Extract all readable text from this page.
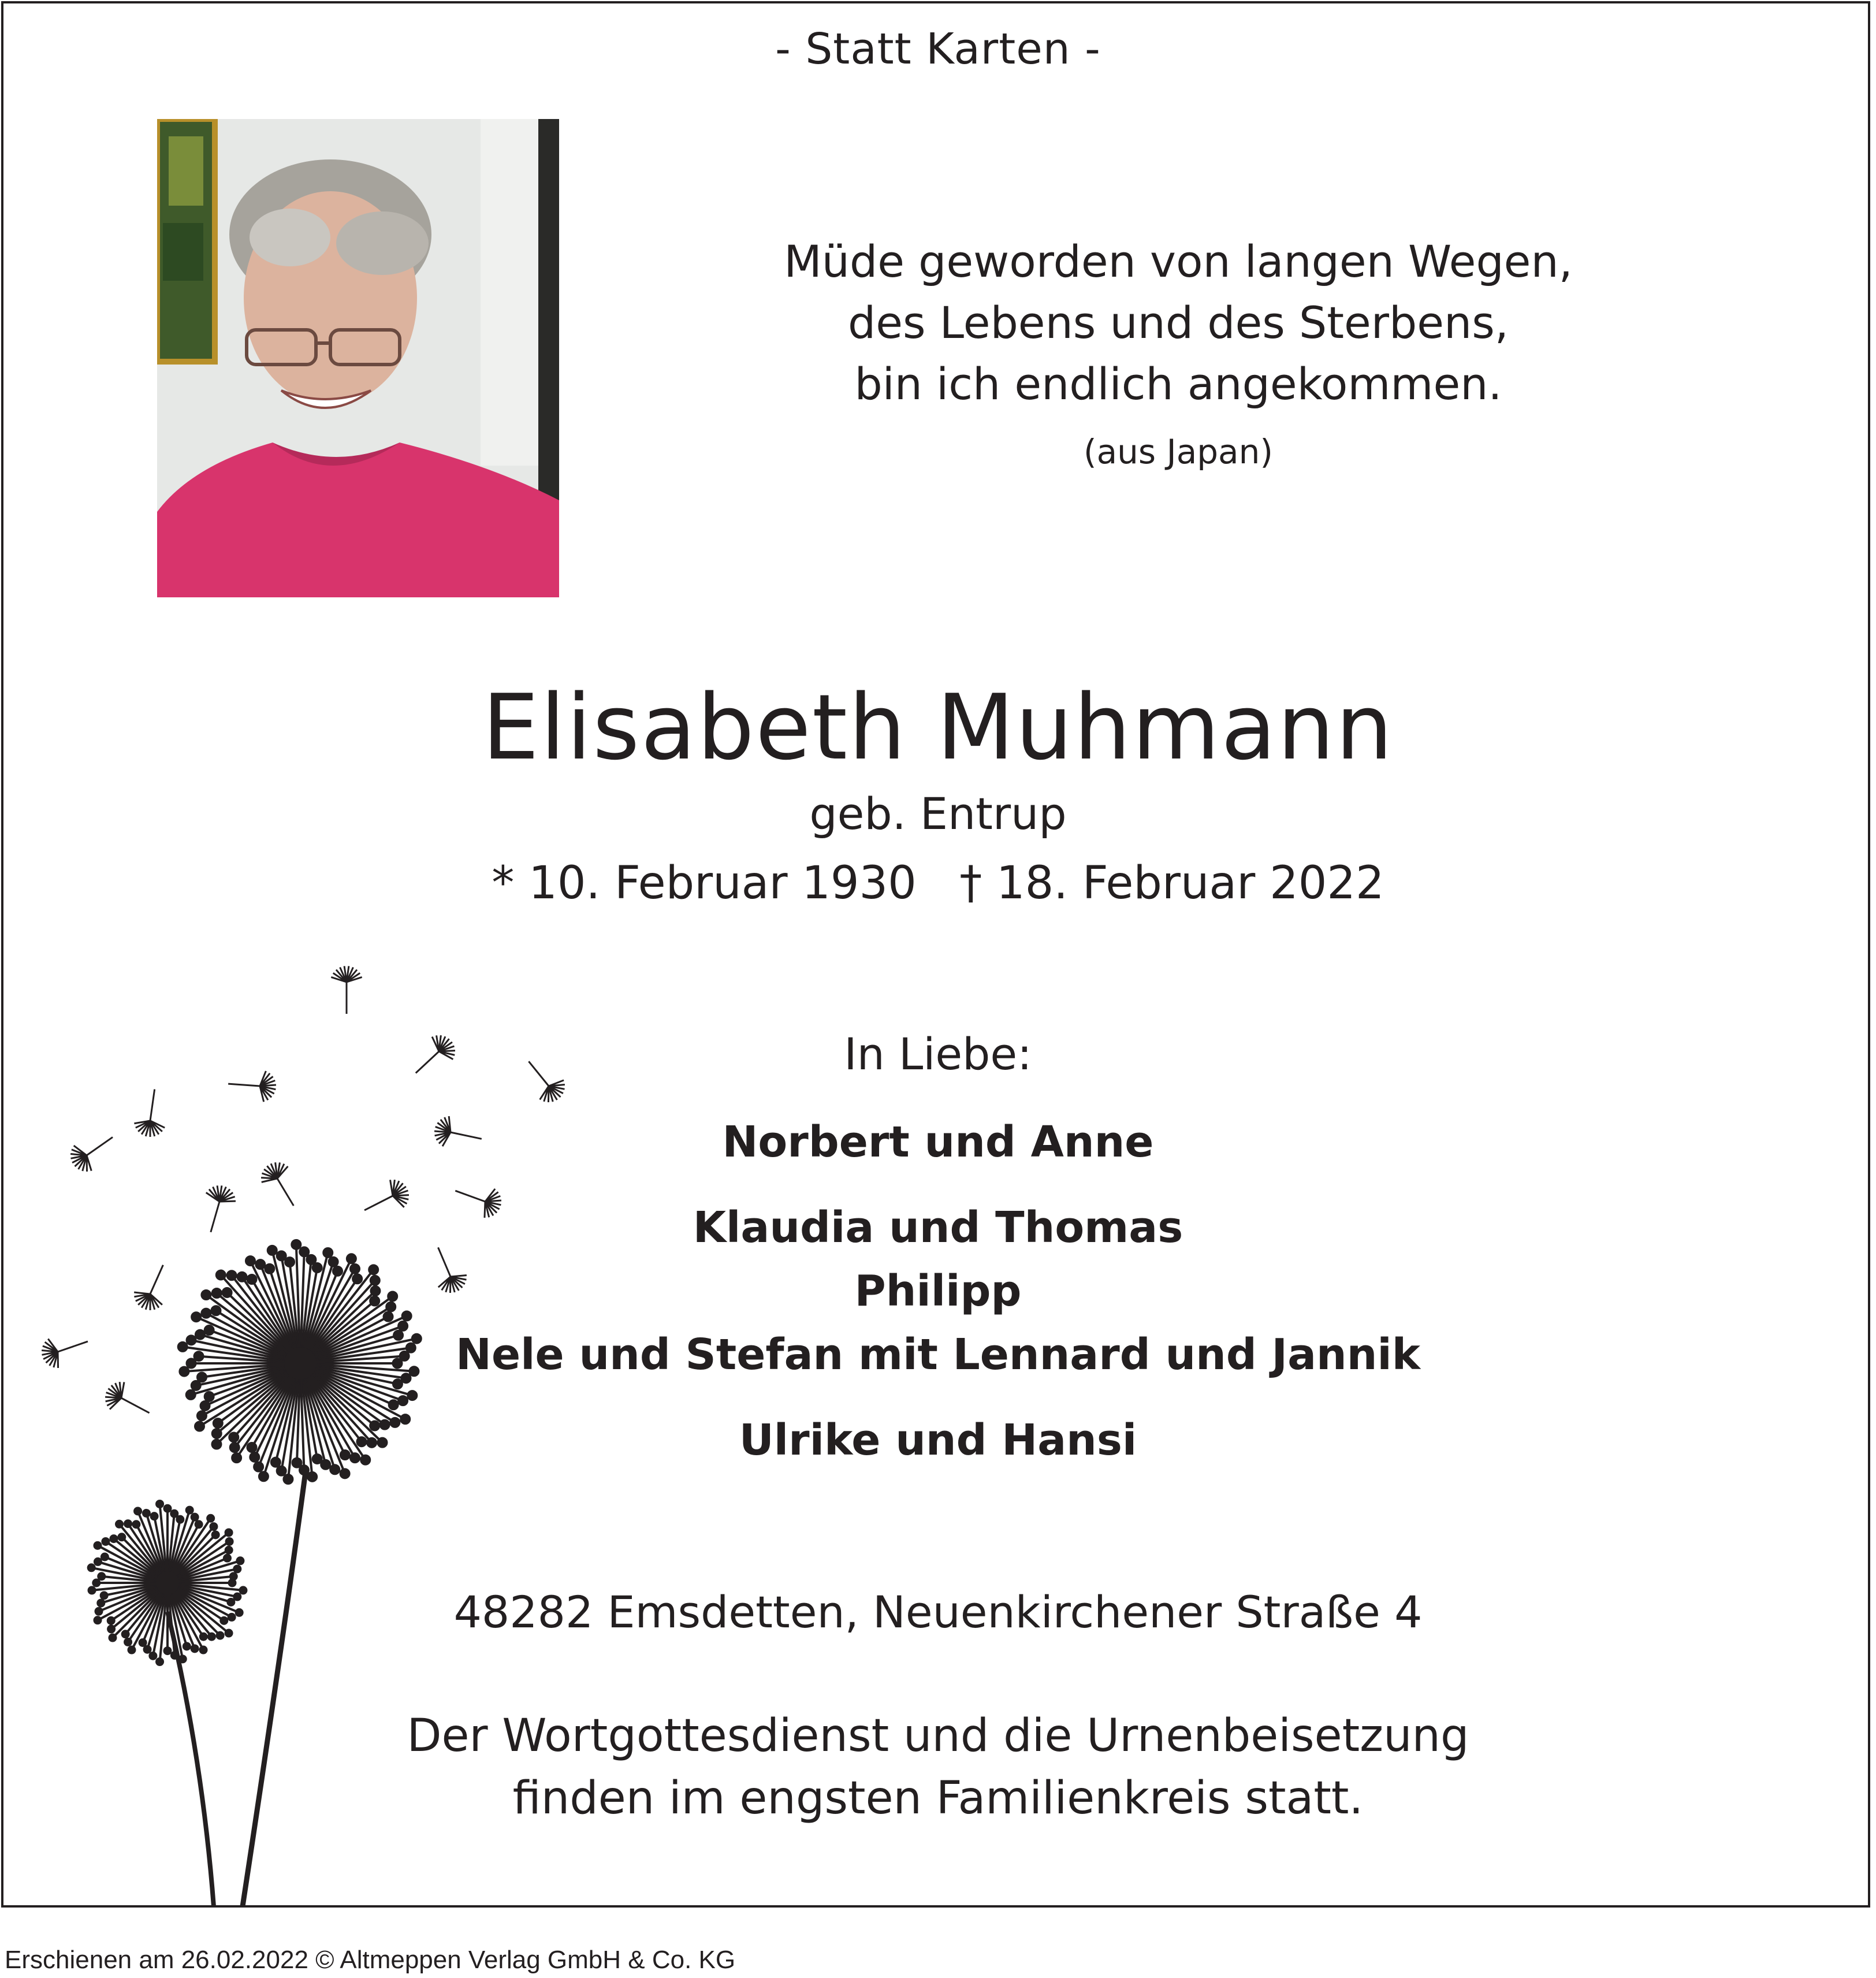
- Statt Karten -
Müde geworden von langen Wegen,
des Lebens und des Sterbens,
bin ich endlich angekommen.
(aus Japan)
Elisabeth Muhmann
geb. Entrup
* 10. Februar 1930   † 18. Februar 2022
In Liebe:
Norbert und Anne
Klaudia und Thomas
Philipp
Nele und Stefan mit Lennard und Jannik
Ulrike und Hansi
48282 Emsdetten, Neuenkirchener Straße 4
Der Wortgottesdienst und die Urnenbeisetzung
finden im engsten Familienkreis statt.
Erschienen am 26.02.2022 © Altmeppen Verlag GmbH & Co. KG
